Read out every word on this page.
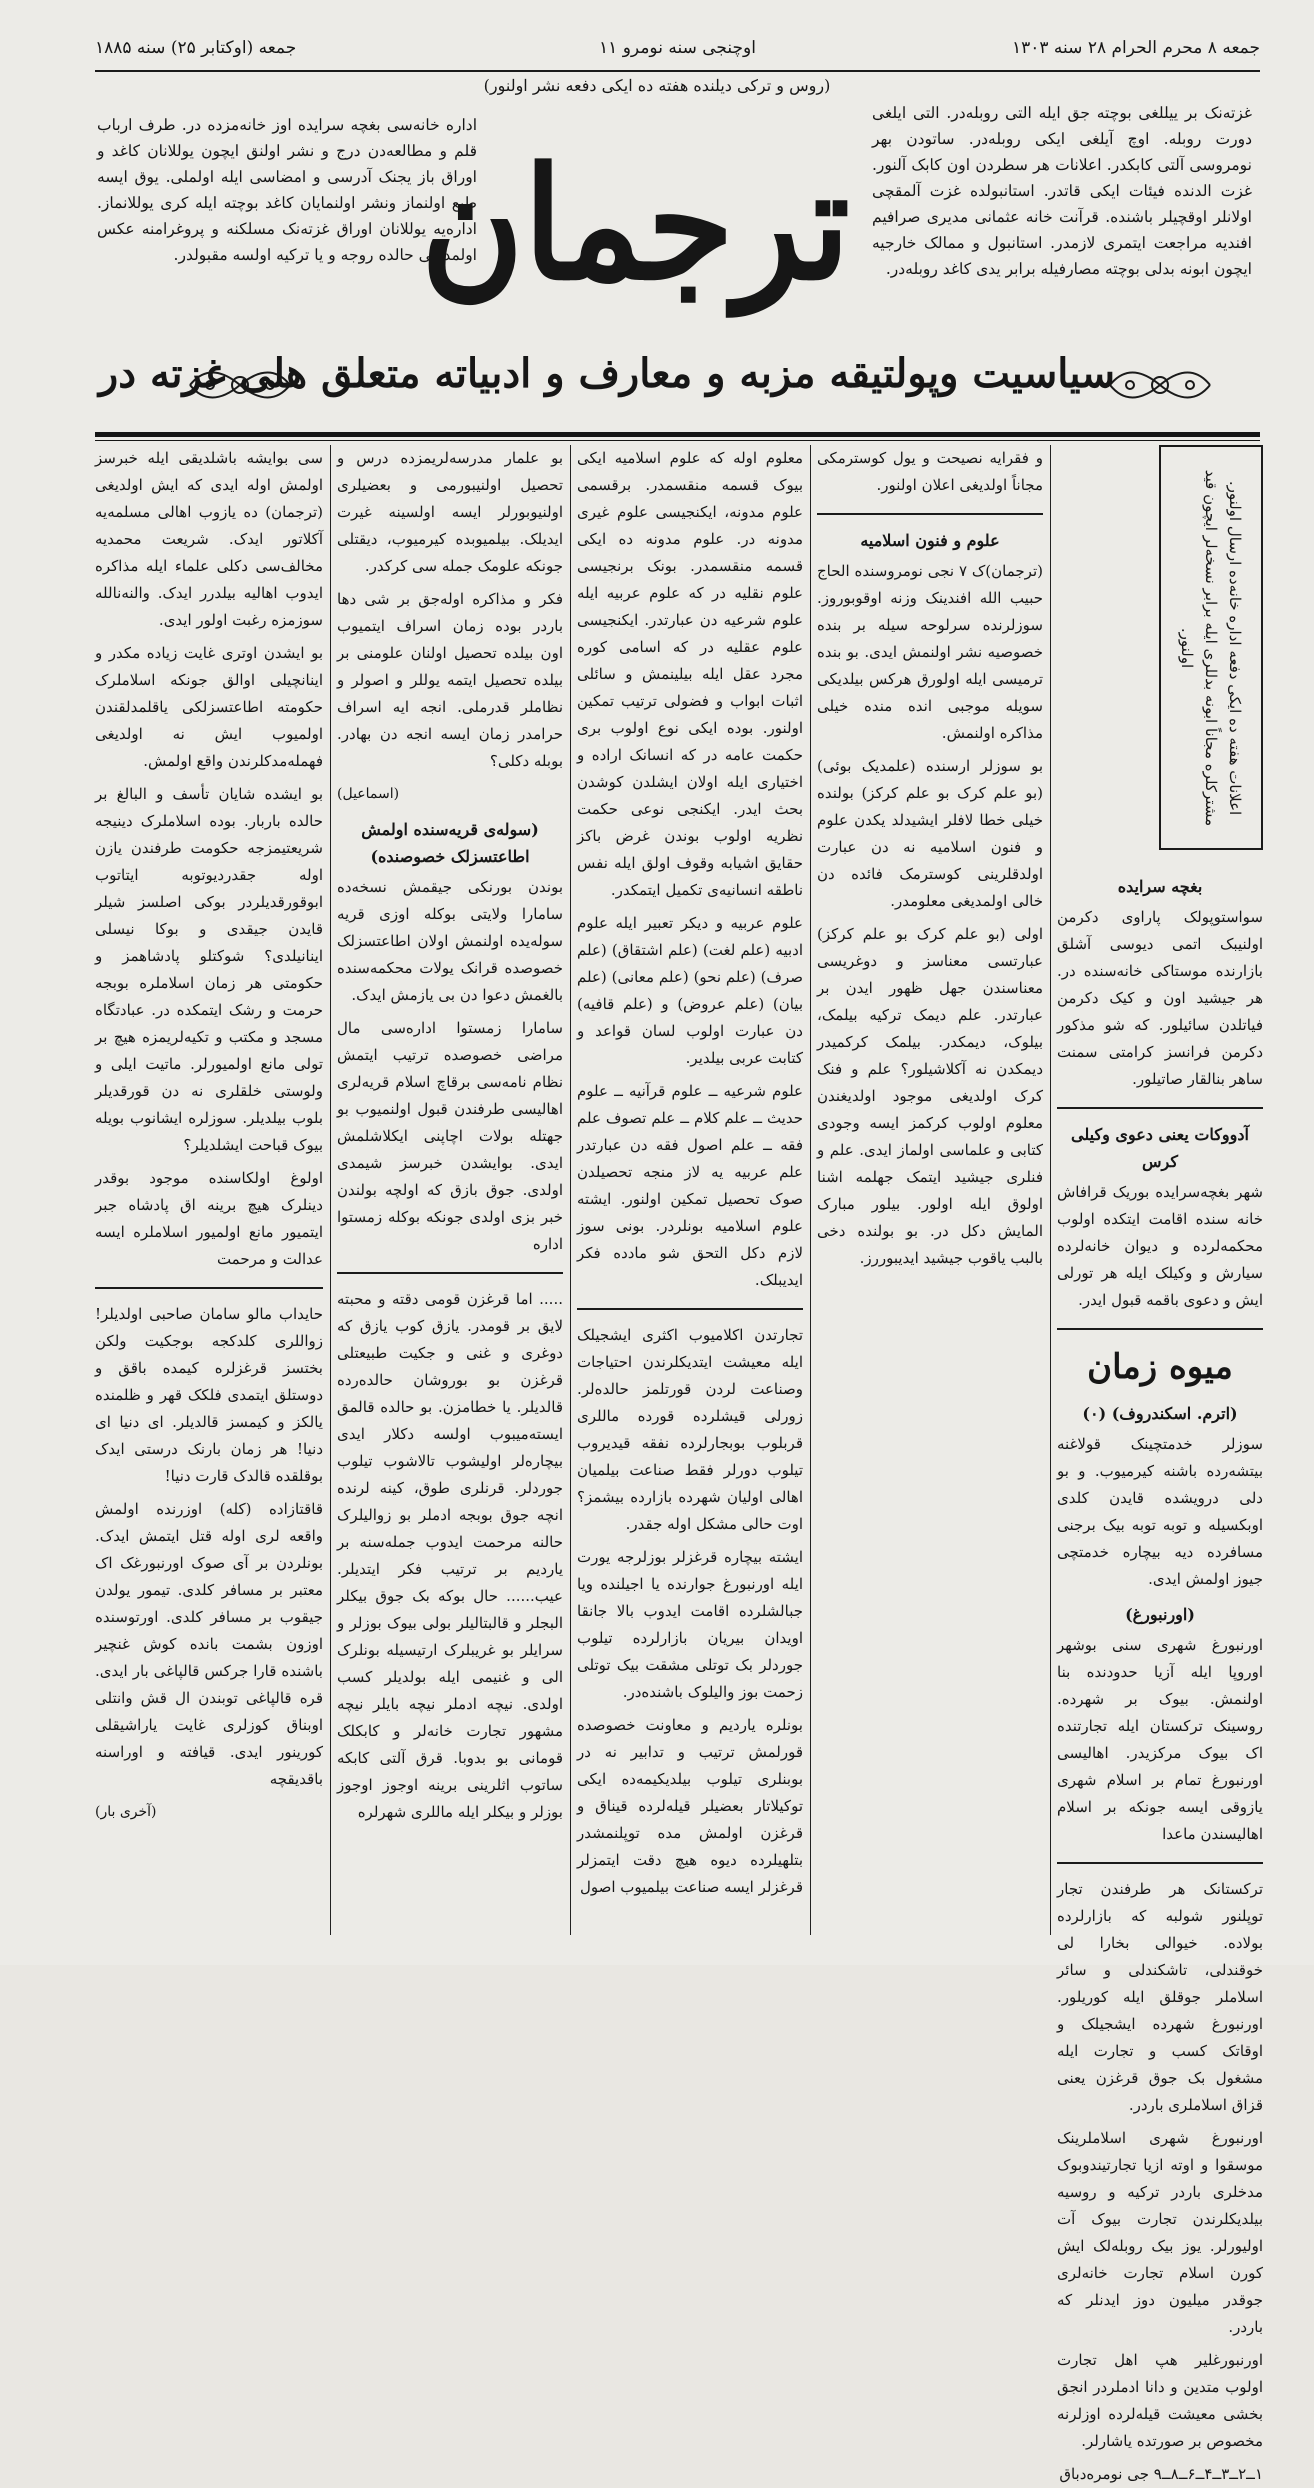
جمعه (اوکتابر ۲۵) سنه ۱۸۸۵	اوچنجی سنه نومرو ۱۱	جمعه ۸ محرم الحرام ۲۸ سنه ۱۳۰۳
(روس و ترکی دیلنده هفته ده ایکی دفعه نشر اولنور)
اداره خانه‌سی بغچه سرایده اوز خانه‌مزده در. طرف ارباب قلم و مطالعه‌دن درج و نشر اولنق ایچون یوللانان کاغد و اوراق باز یجنک آدرسی و امضاسی ایله اولملی. یوق ایسه طبع اولنماز ونشر اولنمایان کاغد بوچته ایله کری یوللانماز. اداره‌یه یوللانان اوراق غزته‌نک مسلکنه و پروغرامنه عکس اولمدیغی حالده روجه و یا ترکیه اولسه مقبولدر.
غزته‌نک بر ییللغی بوچته جق ایله التی روبله‌در. التی ایلغی دورت روبله. اوچ آیلغی ایکی روبله‌در. ساتودن بهر نومروسی آلتی کابکدر. اعلانات هر سطردن اون کابک آلنور. غزت الدنده فیئات ایکی قاتدر. استانبولده غزت آلمقچی اولانلر اوقچیلر باشنده. قرآنت خانه عثمانی مدیری صرافیم افندیه مراجعت ایتمری لازمدر. استانبول و ممالک خارجیه ایچون ابونه بدلی بوچته مصارفیله برابر یدی کاغد روبله‌در.
ترجمان
سیاسیت وپولتیقه مزبه و معارف و ادبیاته متعلق هلی غزته در

سی بوایشه باشلدیقی ایله خبرسز اولمش اوله ایدی که ایش اولدیغی (ترجمان) ده یازوب اهالی مسلمه‌یه آکلاتور ایدک. شریعت محمدیه مخالف‌سی دکلی علماء ایله مذاکره ایدوب اهالیه بیلدرر ایدک. والنه‌نالله سوزمزه رغبت اولور ایدی.

بو ایشدن اوتری غایت زیاده مکدر و اینانچیلی اوالق جونکه اسلاملرک حکومته اطاعتسزلکی یاقلمدلقندن اولمیوب ایش نه اولدیغی فهمله‌مدکلرندن واقع اولمش.

بو ایشده شایان تأسف و البالغ بر حالده باربار. بوده اسلاملرک دینیجه شریعتیمزجه حکومت طرفندن یازن اوله جقدردیوتوبه ایتاتوب ابوقورقدیلردر بوکی اصلسز شیلر قایدن جیقدی و بوکا نیسلی اینانیلدی؟ شوکتلو پادشاهمز و حکومتی هر زمان اسلاملره بوبجه حرمت و رشک ایتمکده در. عبادتگاه مسجد و مکتب و تکیه‌لریمزه هیچ بر تولی مانع اولمیورلر. ماتیت ایلی و ولوستی خلقلری نه دن قورقدیلر بلوب بیلدیلر. سوزلره ایشانوب بویله بیوک قباحت ایشلدیلر؟

اولوغ اولکاسنده موجود بوقدر دینلرک هیچ برینه اق پادشاه جبر ایتمیور مانع اولمیور اسلاملره ایسه عدالت و مرحمت

حایداب مالو سامان صاحبی اولدیلر! زواللری کلدکجه بوجکیت ولکن بختسز قرغزلره کیمده باقق و دوستلق ایتمدی فلکک قهر و ظلمنده یالکز و کیمسز قالدیلر. ای دنیا ای دنیا! هر زمان بارنک درستی ایدک بوقلقده قالدک قارت دنیا!

قاقتازاده (کله) اوزرنده اولمش واقعه لری اوله قتل ایتمش ایدک. بونلردن بر آی صوک اورنبورغک اک معتبر بر مسافر کلدی. تیمور یولدن جیقوب بر مسافر کلدی. اورتوسنده اوزون بشمت بانده کوش غنچیر باشنده قارا جرکس قالپاغی بار ایدی. قره قالپاغی توبندن ال قش وانتلی اوبناق کوزلری غایت یاراشیقلی کورینور ایدی. قیافته و اوراسنه باقدیقچه

(آخری بار)

بو علمار مدرسه‌لریمزده درس و تحصیل اولنیبورمی و بعضیلری اولنیوبورلر ایسه اولسینه غیرت ایدیلک. بیلمیوبده کیرمیوب، دیقتلی جونکه علومک جمله سی کرکدر.

فکر و مذاکره اوله‌جق بر شی دها باردر بوده زمان اسراف ایتمیوب اون بیلده تحصیل اولنان علومنی بر بیلده تحصیل ایتمه یوللر و اصولر و نظاملر قدرملی. انجه ایه اسراف حرامدر زمان ایسه انجه دن بهادر. بوبله دکلی؟

(اسماعیل)

(سوله‌ی قریه‌سنده اولمش اطاعتسزلک خصوصنده)

بوندن بورنکی جیقمش نسخه‌ده سامارا ولایتی بوکله اوزی قریه سوله‌یده اولنمش اولان اطاعتسزلک خصوصده قرانک یولات محکمه‌سنده بالغمش دعوا دن بی یازمش ایدک.

سامارا زمستوا اداره‌سی مال مراضی خصوصده ترتیب ایتمش نظام نامه‌سی برقاچ اسلام قریه‌لری اهالیسی طرفندن قبول اولنمیوب بو جهتله بولات اچاپنی ایکلاشلمش ایدی. بوایشدن خبرسز شیمدی اولدی. جوق بازق که اولچه بولندن خبر بزی اولدی جونکه بوکله زمستوا اداره

..... اما قرغزن قومی دقته و محبته لایق بر قومدر. یازق کوب یازق که دوغری و غنی و جکیت طبیعتلی قرغزن بو بوروشان حالده‌رده قالدیلر. یا خطامزن. بو حالده قالمق ایسته‌میبوب اولسه دکلار ایدی بیچاره‌لر اولیشوب تالاشوب تیلوب جوردلر. قرنلری طوق، کینه لرنده انچه جوق بوبجه ادملر بو زوالیلرک حالنه مرحمت ایدوب جمله‌سنه بر یاردیم بر ترتیب فکر ایتدیلر. عیب...... حال بوکه بک جوق بیکلر البجلر و قالبتالیلر بولی بیوک بوزلر و سرایلر بو غریبلرک ارتیسیله بونلرک الی و غنیمی ایله بولدیلر کسب اولدی. نیچه ادملر نیچه بایلر نیچه مشهور تجارت خانه‌لر و کابکلک قومانی بو بدوبا. قرق آلتی کابکه ساتوب اثلرینی برینه اوجوز اوجوز بوزلر و بیکلر ایله ماللری شهرلره

معلوم اوله که علوم اسلامیه ایکی بیوک قسمه منقسمدر. برقسمی علوم مدونه، ایکنجیسی علوم غیری مدونه در. علوم مدونه ده ایکی قسمه منقسمدر. بونک برنجیسی علوم نقلیه در که علوم عربیه ایله علوم شرعیه دن عبارتدر. ایکنجیسی علوم عقلیه در که اسامی کوره مجرد عقل ایله بیلینمش و سائلی اثبات ابواب و فضولی ترتیب تمکین اولنور. بوده ایکی نوع اولوب بری حکمت عامه در که انسانک اراده و اختیاری ایله اولان ایشلدن کوشدن بحث ایدر. ایکنجی نوعی حکمت نظریه اولوب بوندن غرض باکز حقایق اشیابه وقوف اولق ایله نفس ناطقه انسانیه‌ی تکمیل ایتمکدر.

علوم عربیه و دیکر تعبیر ایله علوم ادبیه (علم لغت) (علم اشتقاق) (علم صرف) (علم نحو) (علم معانی) (علم بیان) (علم عروض) و (علم قافیه) دن عبارت اولوب لسان قواعد و کتابت عربی بیلدیر.

علوم شرعیه ــ علوم قرآنیه ــ علوم حدیث ــ علم کلام ــ علم تصوف علم فقه ــ علم اصول فقه دن عبارتدر علم عربیه یه لاز منجه تحصیلدن صوک تحصیل تمکین اولنور. ایشته علوم اسلامیه بونلردر. بونی سوز لازم دکل التحق شو مادده فکر ایدیبلک.

تجارتدن اکلامیوب اکثری ایشجیلک ایله معیشت ایتدیکلرندن احتیاجات وصناعت لردن قورتلمز حالده‌لر. زورلی قیشلرده قورده ماللری قربلوب بوبجارلرده نفقه قیدیروب تیلوب دورلر فقط صناعت بیلمیان اهالی اولیان شهرده بازارده بیشمز؟ اوت حالی مشکل اوله جقدر.

ایشته بیچاره قرغزلر بوزلرجه یورت ایله اورنبورغ جوارنده یا اجیلنده ویا جبالشلرده اقامت ایدوب بالا جانقا اویدان بیریان بازارلرده تیلوب جوردلر بک توتلی مشقت بیک توتلی زحمت بوز والیلوک باشنده‌در.

بونلره یاردیم و معاونت خصوصده قورلمش ترتیب و تدابیر نه در بوبنلری تیلوب بیلدیکیمه‌ده ایکی توکیلاتار بعضیلر قیله‌لرده قیناق و قرغزن اولمش مده توپلنمشدر بتلهیلرده دیوه هیچ دقت ایتمزلر قرغزلر ایسه صناعت بیلمیوب اصول

و فقرایه نصیحت و یول کوسترمکی مجاناً اولدیغی اعلان اولنور.

علوم و فنون اسلامیه

(ترجمان)ک ۷ نجی نومروسنده الحاج حبیب الله افندینک وزنه اوقوبوروز. سوزلرنده سرلوحه سیله بر بنده خصوصیه نشر اولنمش ایدی. بو بنده ترمیسی ایله اولورق هرکس بیلدیکی سویله موجبی انده منده خیلی مذاکره اولنمش.

بو سوزلر ارسنده (علمدیک بوئی) (بو علم کرک بو علم کرکز) بولنده خیلی خطا لافلر ایشیدلد یکدن علوم و فنون اسلامیه نه دن عبارت اولدقلرینی کوسترمک فائده دن خالی اولمدیغی معلومدر.

اولی (بو علم کرک بو علم کرکز) عبارتسی معناسز و دوغریسی معناسندن جهل ظهور ایدن بر عبارتدر. علم دیمک ترکیه بیلمک، بیلوک، دیمکدر. بیلمک کرکمیدر دیمکدن نه آکلاشیلور؟ علم و فنک کرک اولدیغی موجود اولدیغندن معلوم اولوب کرکمز ایسه وجودی کتابی و علماسی اولماز ایدی. علم و فنلری جیشید ایتمک جهلمه اشنا اولوق ایله اولور. بیلور مبارک المایش دکل در. بو بولنده دخی بالبب یاقوب جیشید ایدیبوررز.

بغچه سرایده

سواستوپولک پاراوی دکرمن اولنیبک اتمی دیوسی آشلق بازارنده موستاکی خانه‌سنده در. هر جیشید اون و کیک دکرمن فیاتلدن سائیلور. که شو مذکور دکرمن فرانسز کرامتی سمنت ساهر بنالقار صاتیلور.

آدووکات یعنی دعوی وکیلی کرس

شهر بغچه‌سرایده بوریک قرافاش خانه سنده اقامت ایتکده اولوب محکمه‌لرده و دیوان خانه‌لرده سیارش و وکیلک ایله هر تورلی ایش و دعوی باقمه قبول ایدر.

میوه زمان
(اترم. اسکندروف) (۰)

سوزلر خدمتچینک قولاغنه بیتشه‌رده باشنه کیرمیوب. و بو دلی درویشده قایدن کلدی اوبکسیله و توبه توبه بیک برجنی مسافرده دیه بیچاره خدمتچی جیوز اولمش ایدی.

(اورنبورغ)

اورنبورغ شهری سنی بوشهر اوروپا ایله آزیا حدودنده بنا اولنمش. بیوک بر شهرده. روسینک ترکستان ایله تجارتنده اک بیوک مرکزیدر. اهالیسی اورنبورغ تمام بر اسلام شهری یازوقی ایسه جونکه بر اسلام اهالیسندن ماعدا

ترکستانک هر طرفندن تجار توپلنور شولبه که بازارلرده بولاده. خیوالی بخارا لی خوقندلی، تاشکندلی و سائر اسلاملر جوقلق ایله کوریلور. اورنبورغ شهرده ایشجیلک و اوقاتک کسب و تجارت ایله مشغول بک جوق قرغزن یعنی قزاق اسلاملری باردر.

اورنبورغ شهری اسلاملرینک موسقوا و اوته ازیا تجارتیندوبوک مدخلری باردر ترکیه و روسیه بیلدیکلرندن تجارت بیوک آت اولیورلر. یوز بیک روبله‌لک ایش کورن اسلام تجارت خانه‌لری جوقدر میلیون دوز ایدنلر که باردر.

اورنبورغلیر هپ اهل تجارت اولوب متدین و دانا ادملردر انجق بخشی معیشت قیله‌لرده اوزلرنه مخصوص بر صورتده یاشارلر.

۱ــ۲ــ۳ــ۴ــ۶ــ۸ــ۹ جی نومره‌دباق

اعلانات هفته ده ایکی دفعه اداره خانه‌ده ارسال اولنور. مشترکلره مجاناً ابونه بدللری ایله برابر نسخه‌لر ایچون قید اولنور.
